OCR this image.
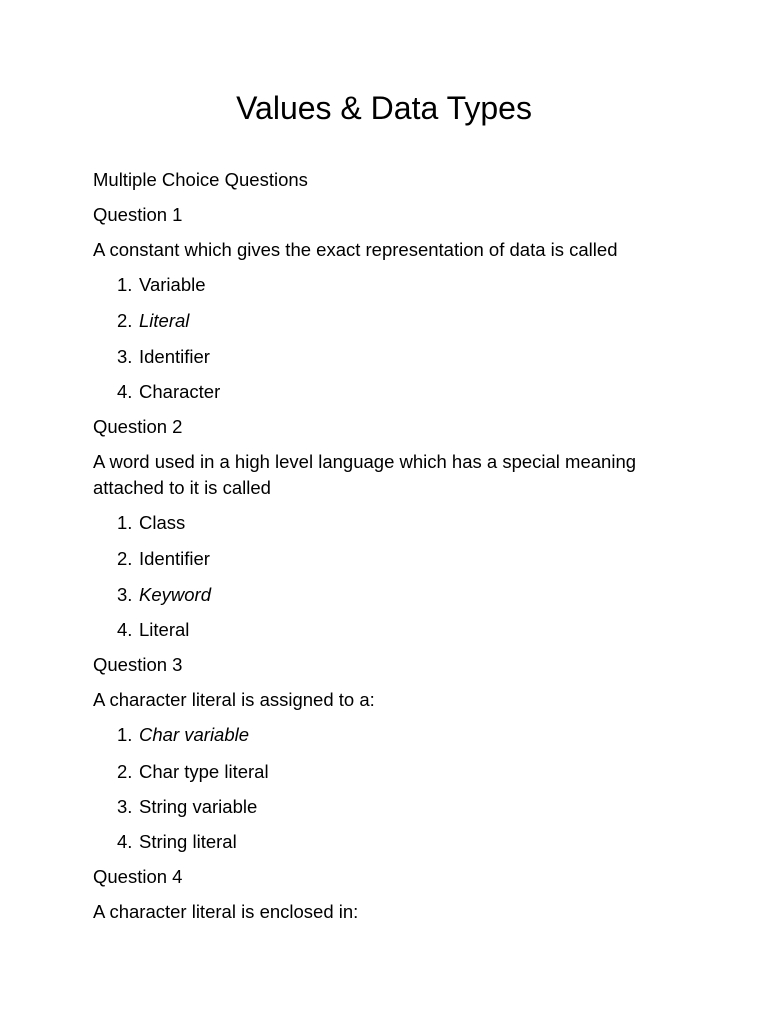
Values & Data Types

Multiple Choice Questions

Question 1

A constant which gives the exact representation of data is called

1. Variable
2. Literal
3. Identifier
4. Character

Question 2

A word used in a high level language which has a special meaning attached to it is called

1. Class
2. Identifier
3. Keyword
4. Literal

Question 3

A character literal is assigned to a:

1. Char variable
2. Char type literal
3. String variable
4. String literal

Question 4

A character literal is enclosed in:
